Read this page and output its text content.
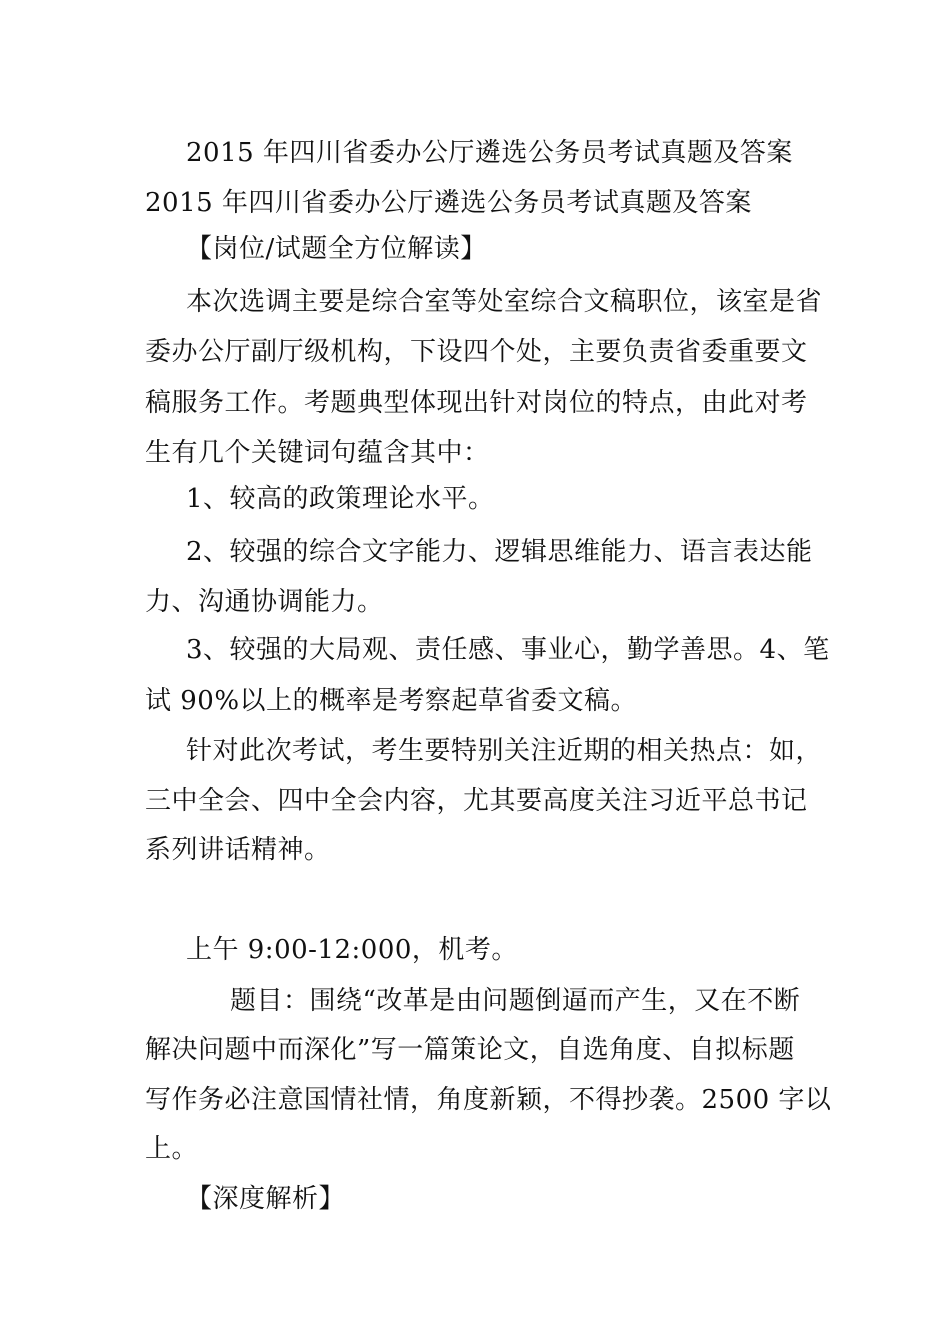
2015 年四川省委办公厅遴选公务员考试真题及答案
2015 年四川省委办公厅遴选公务员考试真题及答案
【岗位/试题全方位解读】
本次选调主要是综合室等处室综合文稿职位，该室是省
委办公厅副厅级机构，下设四个处，主要负责省委重要文
稿服务工作。考题典型体现出针对岗位的特点，由此对考
生有几个关键词句蕴含其中：
1、较高的政策理论水平。
2、较强的综合文字能力、逻辑思维能力、语言表达能
力、沟通协调能力。
3、较强的大局观、责任感、事业心，勤学善思。4、笔
试 90%以上的概率是考察起草省委文稿。
针对此次考试，考生要特别关注近期的相关热点：如，
三中全会、四中全会内容，尤其要高度关注习近平总书记
系列讲话精神。
上午 9:00-12:000，机考。
题目：围绕“改革是由问题倒逼而产生，又在不断
解决问题中而深化”写一篇策论文，自选角度、自拟标题
写作务必注意国情社情，角度新颖，不得抄袭。2500 字以
上。
【深度解析】
